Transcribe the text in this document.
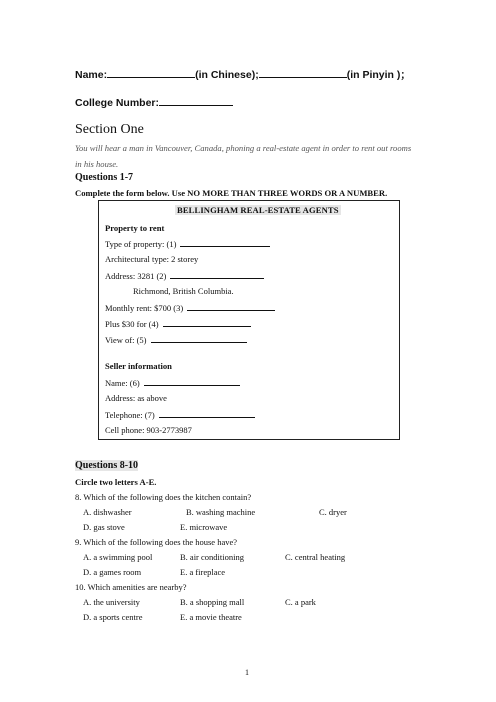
Name:	(in Chinese);	(in Pinyin )；
College Number:
Section One
You will hear a man in Vancouver, Canada, phoning a real-estate agent in order to rent out rooms
in his house.
Questions 1-7
Complete the form below. Use NO MORE THAN THREE WORDS OR A NUMBER.
BELLINGHAM REAL-ESTATE AGENTS
Property to rent
Type of property: (1)
Architectural type: 2 storey
Address: 3281 (2)
Richmond, British Columbia.
Monthly rent: $700 (3)
Plus $30 for (4)
View of: (5)
Seller information
Name: (6)
Address: as above
Telephone: (7)
Cell phone: 903-2773987
Questions 8-10
Circle two letters A-E.
8. Which of the following does the kitchen contain?
A. dishwasher	B. washing machine	C. dryer
D. gas stove	E. microwave
9. Which of the following does the house have?
A. a swimming pool	B. air conditioning	C. central heating
D. a games room	E. a fireplace
10. Which amenities are nearby?
A. the university	B. a shopping mall	C. a park
D. a sports centre	E. a movie theatre
1
